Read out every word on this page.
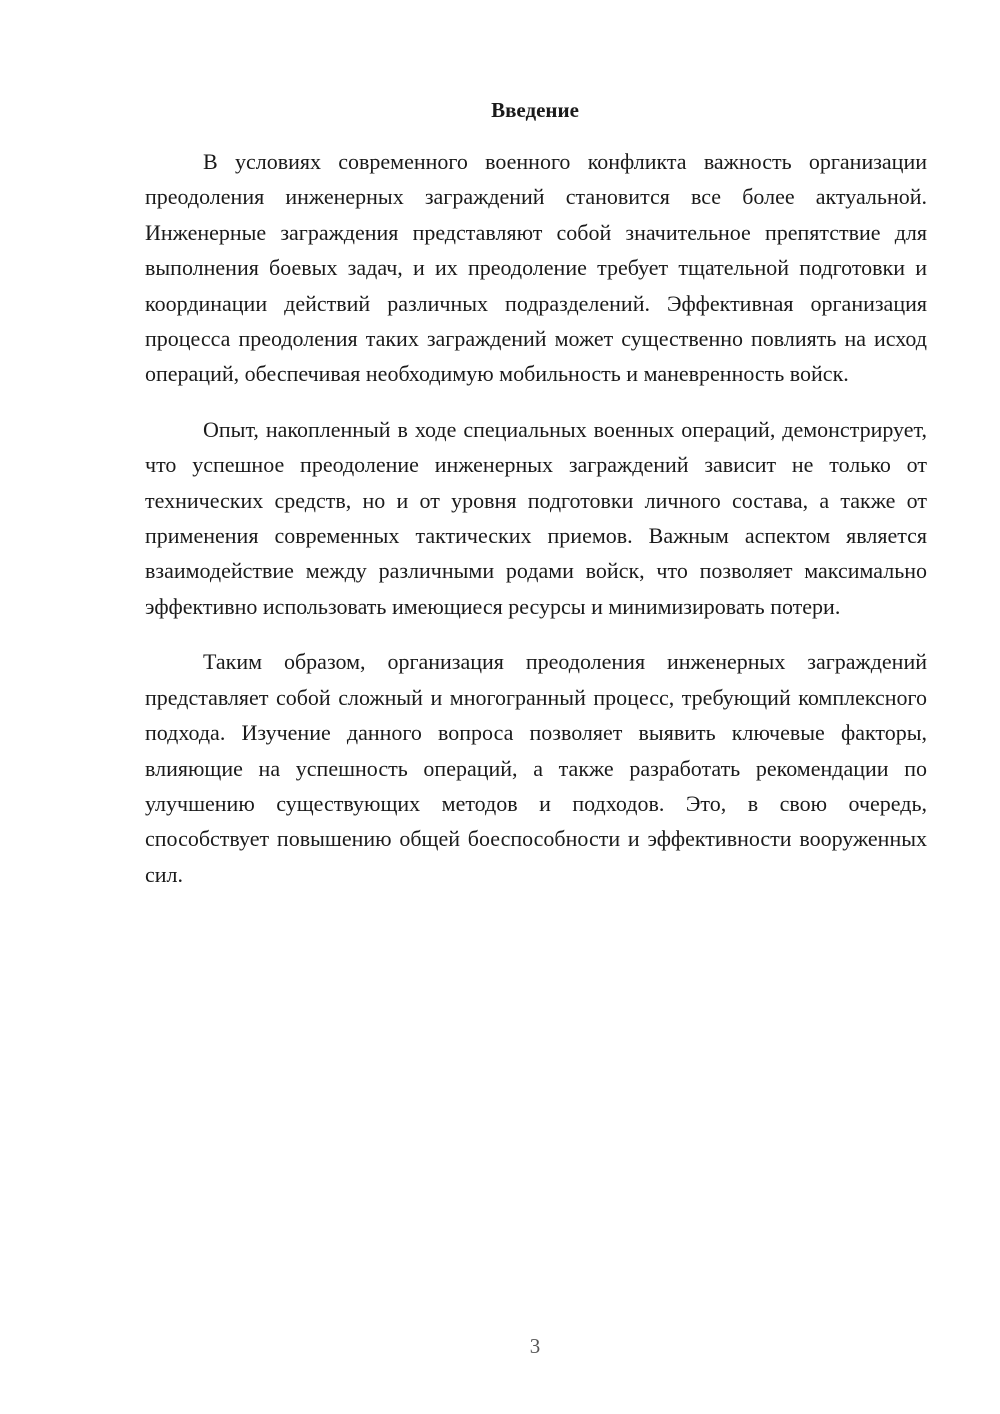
Введение

В условиях современного военного конфликта важность организации преодоления инженерных заграждений становится все более актуальной. Инженерные заграждения представляют собой значительное препятствие для выполнения боевых задач, и их преодоление требует тщательной подготовки и координации действий различных подразделений. Эффективная организация процесса преодоления таких заграждений может существенно повлиять на исход операций, обеспечивая необходимую мобильность и маневренность войск.

Опыт, накопленный в ходе специальных военных операций, демонстрирует, что успешное преодоление инженерных заграждений зависит не только от технических средств, но и от уровня подготовки личного состава, а также от применения современных тактических приемов. Важным аспектом является взаимодействие между различными родами войск, что позволяет максимально эффективно использовать имеющиеся ресурсы и минимизировать потери.

Таким образом, организация преодоления инженерных заграждений представляет собой сложный и многогранный процесс, требующий комплексного подхода. Изучение данного вопроса позволяет выявить ключевые факторы, влияющие на успешность операций, а также разработать рекомендации по улучшению существующих методов и подходов. Это, в свою очередь, способствует повышению общей боеспособности и эффективности вооруженных сил.

3
